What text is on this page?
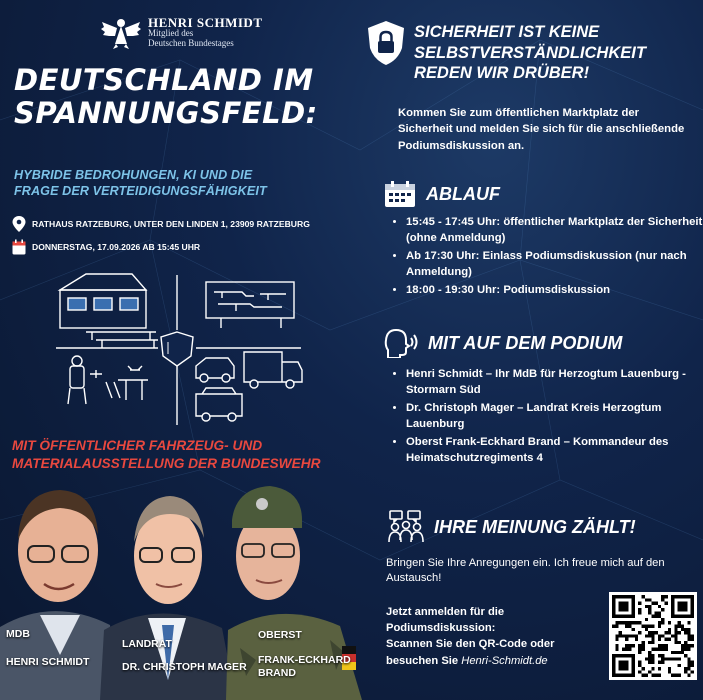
HENRI SCHMIDT
Mitglied des
Deutschen Bundestages
DEUTSCHLAND IM
SPANNUNGSFELD:
HYBRIDE BEDROHUNGEN, KI UND DIE
FRAGE DER VERTEIDIGUNGSFÄHIGKEIT
RATHAUS RATZEBURG, UNTER DEN LINDEN 1, 23909 RATZEBURG
DONNERSTAG, 17.09.2026 AB 15:45 UHR
MIT ÖFFENTLICHER FAHRZEUG- UND
MATERIALAUSSTELLUNG DER BUNDESWEHR
MDB
HENRI SCHMIDT
LANDRAT
DR. CHRISTOPH MAGER
OBERST
FRANK-ECKHARD
BRAND
SICHERHEIT IST KEINE
SELBSTVERSTÄNDLICHKEIT
REDEN WIR DRÜBER!
Kommen Sie zum öffentlichen Marktplatz der Sicherheit und melden Sie sich für die anschließende Podiumsdiskussion an.
ABLAUF
• 15:45 - 17:45 Uhr: öffentlicher Marktplatz der Sicherheit (ohne Anmeldung)
• Ab 17:30 Uhr: Einlass Podiumsdiskussion (nur nach Anmeldung)
• 18:00 - 19:30 Uhr: Podiumsdiskussion
MIT AUF DEM PODIUM
• Henri Schmidt – Ihr MdB für Herzogtum Lauenburg - Stormarn Süd
• Dr. Christoph Mager – Landrat Kreis Herzogtum Lauenburg
• Oberst Frank-Eckhard Brand – Kommandeur des Heimatschutzregiments 4
IHRE MEINUNG ZÄHLT!
Bringen Sie Ihre Anregungen ein. Ich freue mich auf den Austausch!
Jetzt anmelden für die
Podiumsdiskussion:
Scannen Sie den QR-Code oder
besuchen Sie Henri-Schmidt.de
